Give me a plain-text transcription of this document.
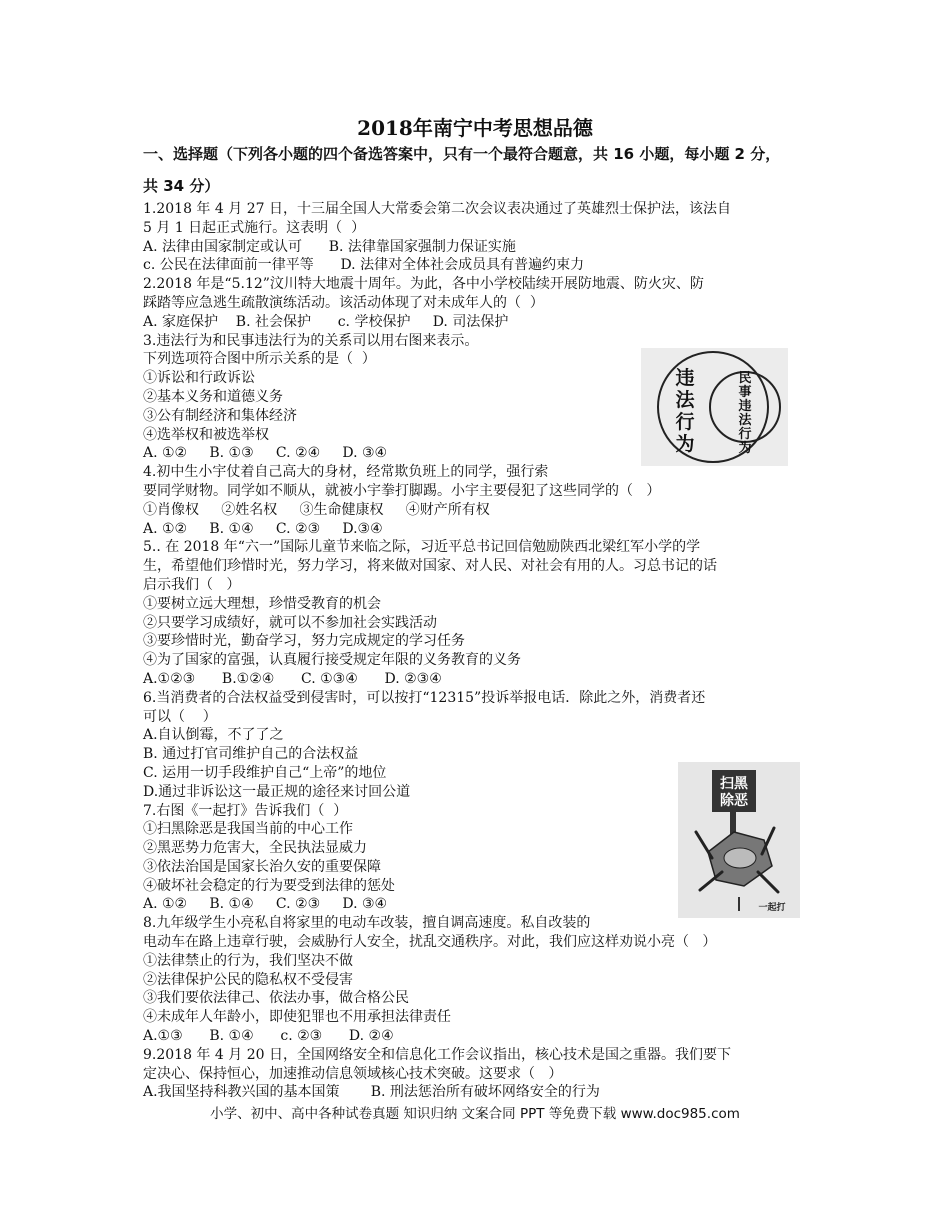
2018年南宁中考思想品德
一、选择题（下列各小题的四个备选答案中，只有一个最符合题意，共 16 小题，每小题 2 分，
共 34 分）
1.2018 年 4 月 27 日，十三届全国人大常委会第二次会议表决通过了英雄烈士保护法，该法自
5 月 1 日起正式施行。这表明（  ）
A. 法律由国家制定或认可      B. 法律靠国家强制力保证实施
c. 公民在法律面前一律平等      D. 法律对全体社会成员具有普遍约束力
2.2018 年是“5.12”汶川特大地震十周年。为此，各中小学校陆续开展防地震、防火灾、防
踩踏等应急逃生疏散演练活动。该活动体现了对未成年人的（  ）
A. 家庭保护    B. 社会保护      c. 学校保护     D. 司法保护
3.违法行为和民事违法行为的关系司以用右图来表示。
下列选项符合图中所示关系的是（  ）
①诉讼和行政诉讼
②基本义务和道德义务
③公有制经济和集体经济
④选举权和被选举权
A. ①②     B. ①③     C. ②④     D. ③④
4.初中生小宇仗着自己高大的身材，经常欺负班上的同学，强行索
要同学财物。同学如不顺从，就被小宇拳打脚踢。小宇主要侵犯了这些同学的（   ）
①肖像权     ②姓名权     ③生命健康权     ④财产所有权
A. ①②     B. ①④     C. ②③     D.③④
5.. 在 2018 年“六一”国际儿童节来临之际，习近平总书记回信勉励陕西北梁红军小学的学
生，希望他们珍惜时光，努力学习，将来做对国家、对人民、对社会有用的人。习总书记的话
启示我们（   ）
①要树立远大理想，珍惜受教育的机会
②只要学习成绩好，就可以不参加社会实践活动
③要珍惜时光，勤奋学习，努力完成规定的学习任务
④为了国家的富强，认真履行接受规定年限的义务教育的义务
A.①②③      B.①②④      C. ①③④      D. ②③④
6.当消费者的合法权益受到侵害时，可以按打“12315”投诉举报电话．除此之外，消费者还
可以（    ）
A.自认倒霉，不了了之
B. 通过打官司维护自己的合法权益
C. 运用一切手段维护自己“上帝”的地位
D.通过非诉讼这一最正规的途径来讨回公道
7.右图《一起打》告诉我们（  ）
①扫黑除恶是我国当前的中心工作
②黑恶势力危害大，全民执法显威力
③依法治国是国家长治久安的重要保障
④破坏社会稳定的行为要受到法律的惩处
A. ①②     B. ①④     C. ②③     D. ③④
8.九年级学生小亮私自将家里的电动车改装，擅自调高速度。私自改装的
电动车在路上违章行驶，会威胁行人安全，扰乱交通秩序。对此，我们应这样劝说小亮（   ）
①法律禁止的行为，我们坚决不做
②法律保护公民的隐私权不受侵害
③我们要依法律己、依法办事，做合格公民
④未成年人年龄小，即使犯罪也不用承担法律责任
A.①③      B. ①④      c. ②③      D. ②④
9.2018 年 4 月 20 日，全国网络安全和信息化工作会议指出，核心技术是国之重器。我们要下
定决心、保持恒心，加速推动信息领域核心技术突破。这要求（   ）
A.我国坚持科教兴国的基本国策       B. 刑法惩治所有破坏网络安全的行为
违
法
行
为
民
事
违
法
行
为
扫黑
除恶
一起打
小学、初中、高中各种试卷真题 知识归纳 文案合同 PPT 等免费下载 www.doc985.com
